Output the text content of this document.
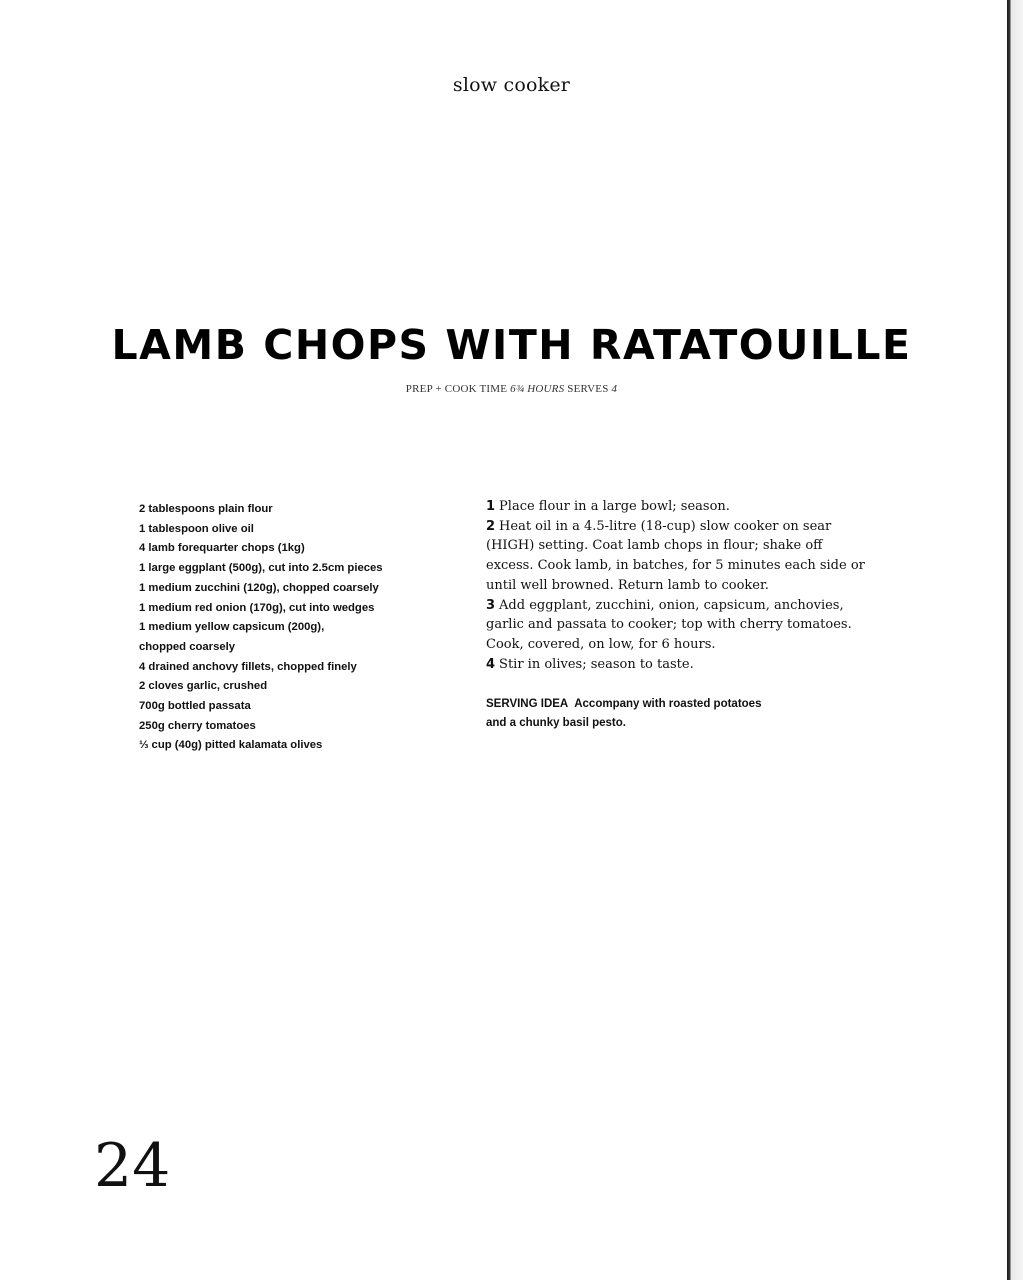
slow cooker
LAMB CHOPS WITH RATATOUILLE
PREP + COOK TIME 6¾ HOURS SERVES 4
2 tablespoons plain flour
1 tablespoon olive oil
4 lamb forequarter chops (1kg)
1 large eggplant (500g), cut into 2.5cm pieces
1 medium zucchini (120g), chopped coarsely
1 medium red onion (170g), cut into wedges
1 medium yellow capsicum (200g),
chopped coarsely
4 drained anchovy fillets, chopped finely
2 cloves garlic, crushed
700g bottled passata
250g cherry tomatoes
⅓ cup (40g) pitted kalamata olives

1 Place flour in a large bowl; season.

2 Heat oil in a 4.5-litre (18-cup) slow cooker on sear (HIGH) setting. Coat lamb chops in flour; shake off excess. Cook lamb, in batches, for 5 minutes each side or until well browned. Return lamb to cooker.

3 Add eggplant, zucchini, onion, capsicum, anchovies, garlic and passata to cooker; top with cherry tomatoes. Cook, covered, on low, for 6 hours.

4 Stir in olives; season to taste.

SERVING IDEA Accompany with roasted potatoes
and a chunky basil pesto.
24
